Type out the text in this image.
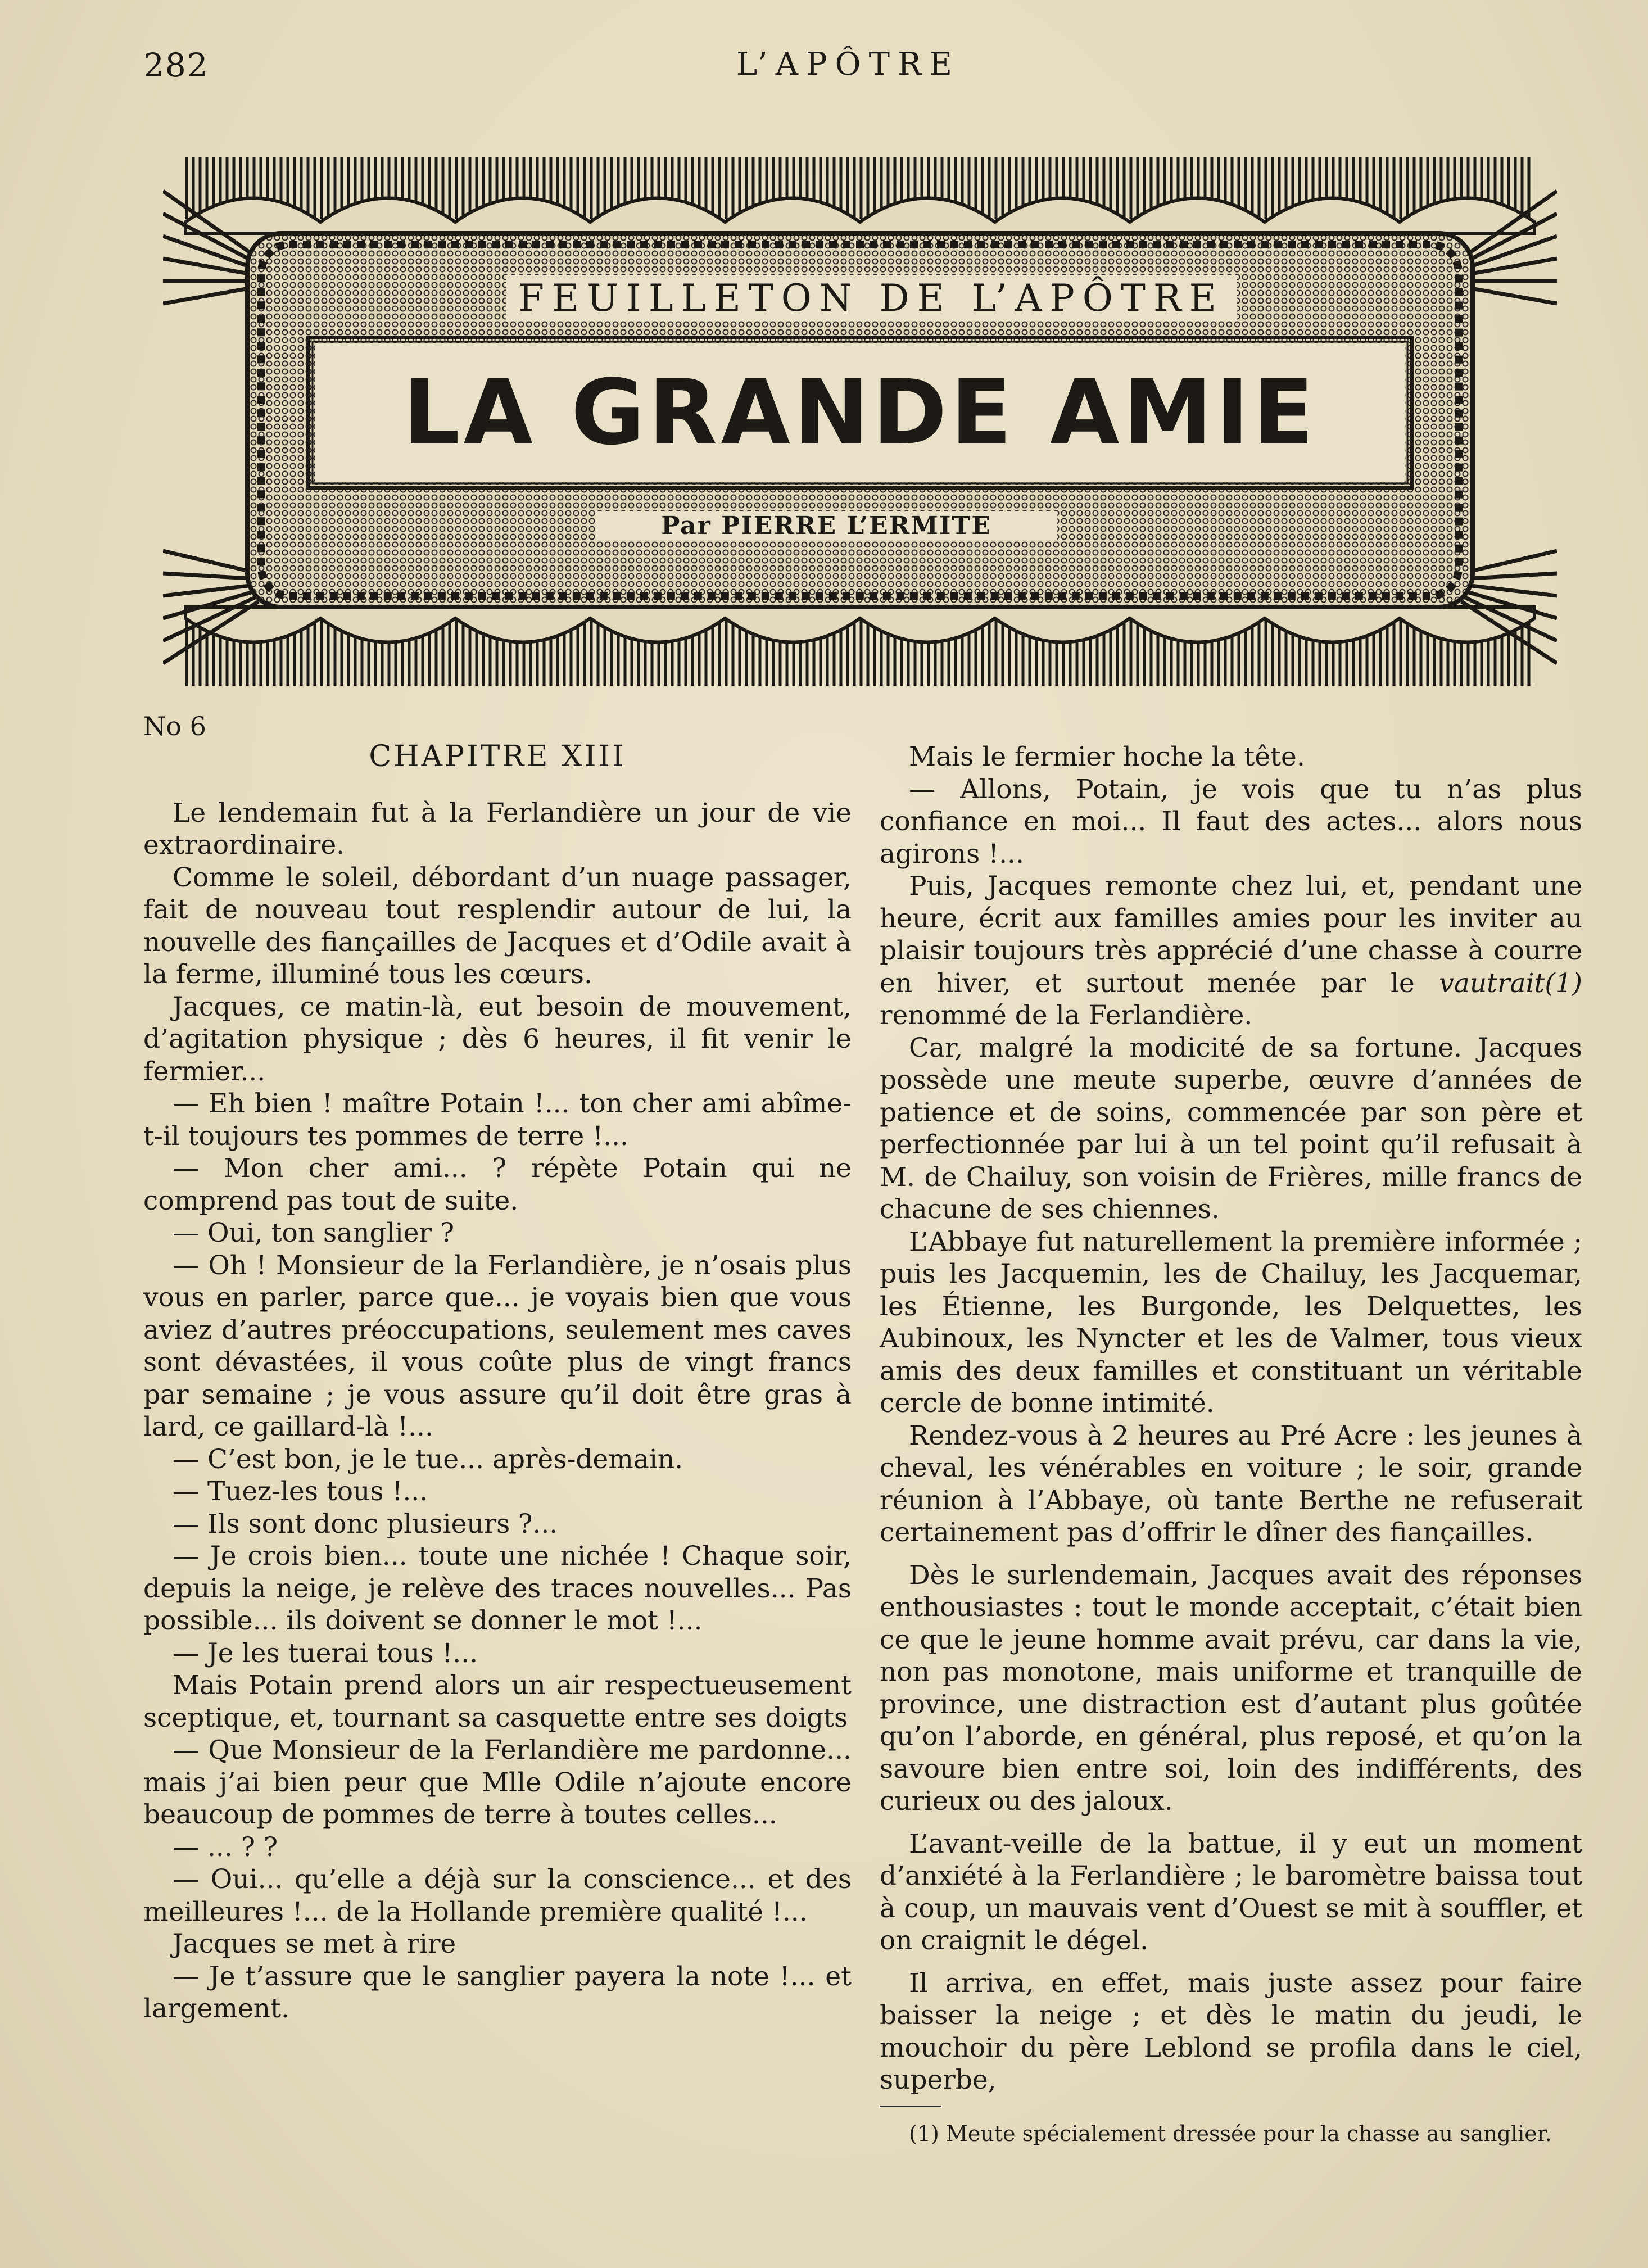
282	L’APÔTRE
FEUILLETON DE L’APÔTRE
LA GRANDE AMIE
Par PIERRE L’ERMITE
No 6

CHAPITRE XIII

Le lendemain fut à la Ferlandière un jour de vie extraordinaire.

Comme le soleil, débordant d’un nuage passager, fait de nouveau tout resplendir autour de lui, la nouvelle des fiançailles de Jacques et d’Odile avait à la ferme, illuminé tous les cœurs.

Jacques, ce matin-là, eut besoin de mouvement, d’agitation physique ; dès 6 heures, il fit venir le fermier...

— Eh bien ! maître Potain !... ton cher ami abîme-t-il toujours tes pommes de terre !...

— Mon cher ami... ? répète Potain qui ne comprend pas tout de suite.

— Oui, ton sanglier ?

— Oh ! Monsieur de la Ferlandière, je n’osais plus vous en parler, parce que... je voyais bien que vous aviez d’autres préoccupations, seulement mes caves sont dévastées, il vous coûte plus de vingt francs par semaine ; je vous assure qu’il doit être gras à lard, ce gaillard-là !...

— C’est bon, je le tue... après-demain.

— Tuez-les tous !...

— Ils sont donc plusieurs ?...

— Je crois bien... toute une nichée ! Chaque soir, depuis la neige, je relève des traces nouvelles... Pas possible... ils doivent se donner le mot !...

— Je les tuerai tous !...

Mais Potain prend alors un air respectueusement sceptique, et, tournant sa casquette entre ses doigts

— Que Monsieur de la Ferlandière me pardonne... mais j’ai bien peur que Mlle Odile n’ajoute encore beaucoup de pommes de terre à toutes celles...

— ... ? ?

— Oui... qu’elle a déjà sur la conscience... et des meilleures !... de la Hollande première qualité !...

Jacques se met à rire

— Je t’assure que le sanglier payera la note !... et largement.

Mais le fermier hoche la tête.

— Allons, Potain, je vois que tu n’as plus confiance en moi... Il faut des actes... alors nous agirons !...

Puis, Jacques remonte chez lui, et, pendant une heure, écrit aux familles amies pour les inviter au plaisir toujours très apprécié d’une chasse à courre en hiver, et surtout menée par le vautrait(1) renommé de la Ferlandière.

Car, malgré la modicité de sa fortune. Jacques possède une meute superbe, œuvre d’années de patience et de soins, commencée par son père et perfectionnée par lui à un tel point qu’il refusait à M. de Chailuy, son voisin de Frières, mille francs de chacune de ses chiennes.

L’Abbaye fut naturellement la première informée ; puis les Jacquemin, les de Chailuy, les Jacquemar, les Étienne, les Burgonde, les Delquettes, les Aubinoux, les Nyncter et les de Valmer, tous vieux amis des deux familles et constituant un véritable cercle de bonne intimité.

Rendez-vous à 2 heures au Pré Acre : les jeunes à cheval, les vénérables en voiture ; le soir, grande réunion à l’Abbaye, où tante Berthe ne refuserait certainement pas d’offrir le dîner des fiançailles.

Dès le surlendemain, Jacques avait des réponses enthousiastes : tout le monde acceptait, c’était bien ce que le jeune homme avait prévu, car dans la vie, non pas monotone, mais uniforme et tranquille de province, une distraction est d’autant plus goûtée qu’on l’aborde, en général, plus reposé, et qu’on la savoure bien entre soi, loin des indifférents, des curieux ou des jaloux.

L’avant-veille de la battue, il y eut un moment d’anxiété à la Ferlandière ; le baromètre baissa tout à coup, un mauvais vent d’Ouest se mit à souffler, et on craignit le dégel.

Il arriva, en effet, mais juste assez pour faire baisser la neige ; et dès le matin du jeudi, le mouchoir du père Leblond se profila dans le ciel, superbe,

(1) Meute spécialement dressée pour la chasse au sanglier.
